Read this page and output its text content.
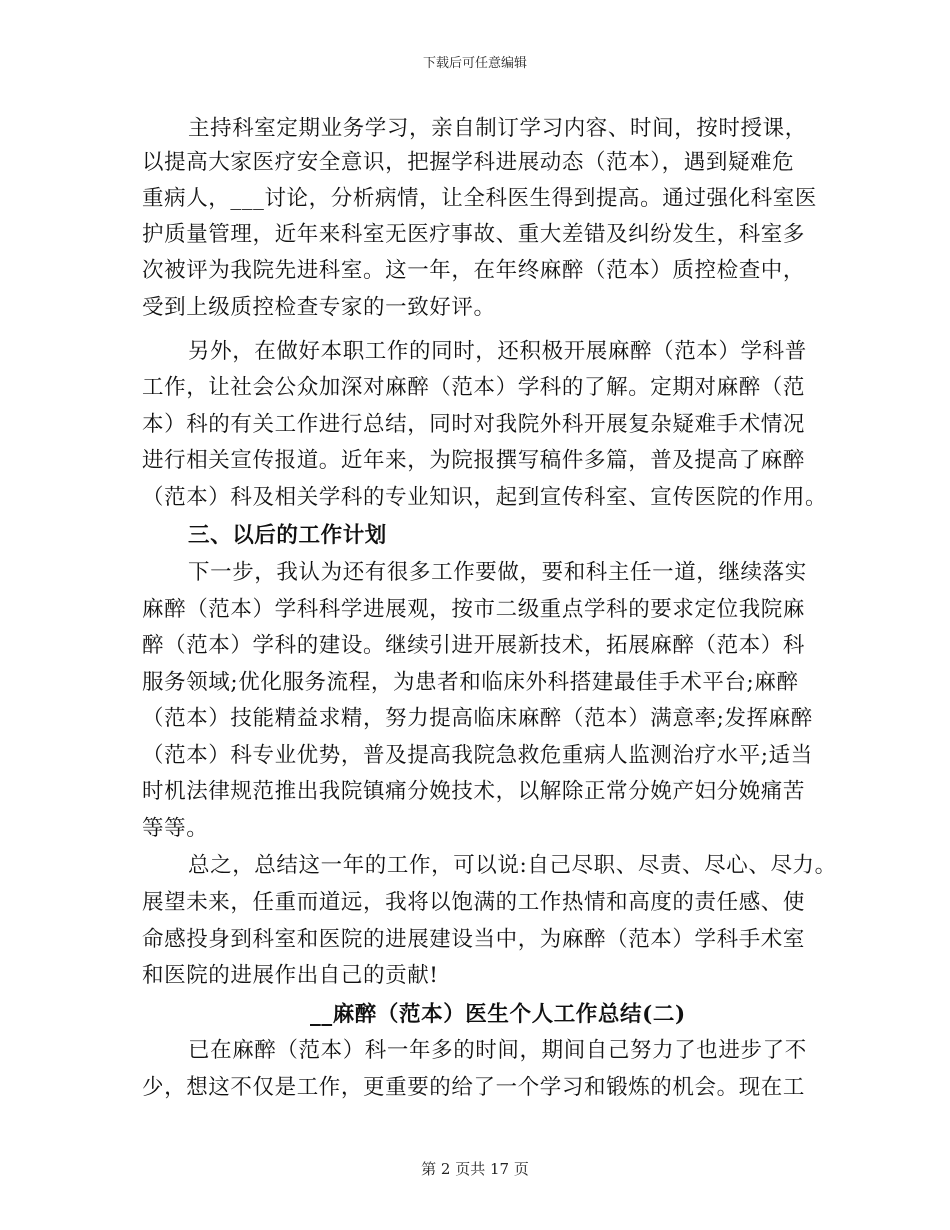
下载后可任意编辑
主持科室定期业务学习，亲自制订学习内容、时间，按时授课，
以提高大家医疗安全意识，把握学科进展动态（范本），遇到疑难危
重病人，___讨论，分析病情，让全科医生得到提高。通过强化科室医
护质量管理，近年来科室无医疗事故、重大差错及纠纷发生，科室多
次被评为我院先进科室。这一年，在年终麻醉（范本）质控检查中，
受到上级质控检查专家的一致好评。
另外，在做好本职工作的同时，还积极开展麻醉（范本）学科普
工作，让社会公众加深对麻醉（范本）学科的了解。定期对麻醉（范
本）科的有关工作进行总结，同时对我院外科开展复杂疑难手术情况
进行相关宣传报道。近年来，为院报撰写稿件多篇，普及提高了麻醉
（范本）科及相关学科的专业知识，起到宣传科室、宣传医院的作用。
三、以后的工作计划
下一步，我认为还有很多工作要做，要和科主任一道，继续落实
麻醉（范本）学科科学进展观，按市二级重点学科的要求定位我院麻
醉（范本）学科的建设。继续引进开展新技术，拓展麻醉（范本）科
服务领域;优化服务流程，为患者和临床外科搭建最佳手术平台;麻醉
（范本）技能精益求精，努力提高临床麻醉（范本）满意率;发挥麻醉
（范本）科专业优势，普及提高我院急救危重病人监测治疗水平;适当
时机法律规范推出我院镇痛分娩技术，以解除正常分娩产妇分娩痛苦
等等。
总之，总结这一年的工作，可以说:自己尽职、尽责、尽心、尽力。
展望未来，任重而道远，我将以饱满的工作热情和高度的责任感、使
命感投身到科室和医院的进展建设当中，为麻醉（范本）学科手术室
和医院的进展作出自己的贡献!
__麻醉（范本）医生个人工作总结(二)
已在麻醉（范本）科一年多的时间，期间自己努力了也进步了不
少，想这不仅是工作，更重要的给了一个学习和锻炼的机会。现在工
第 2 页共 17 页
